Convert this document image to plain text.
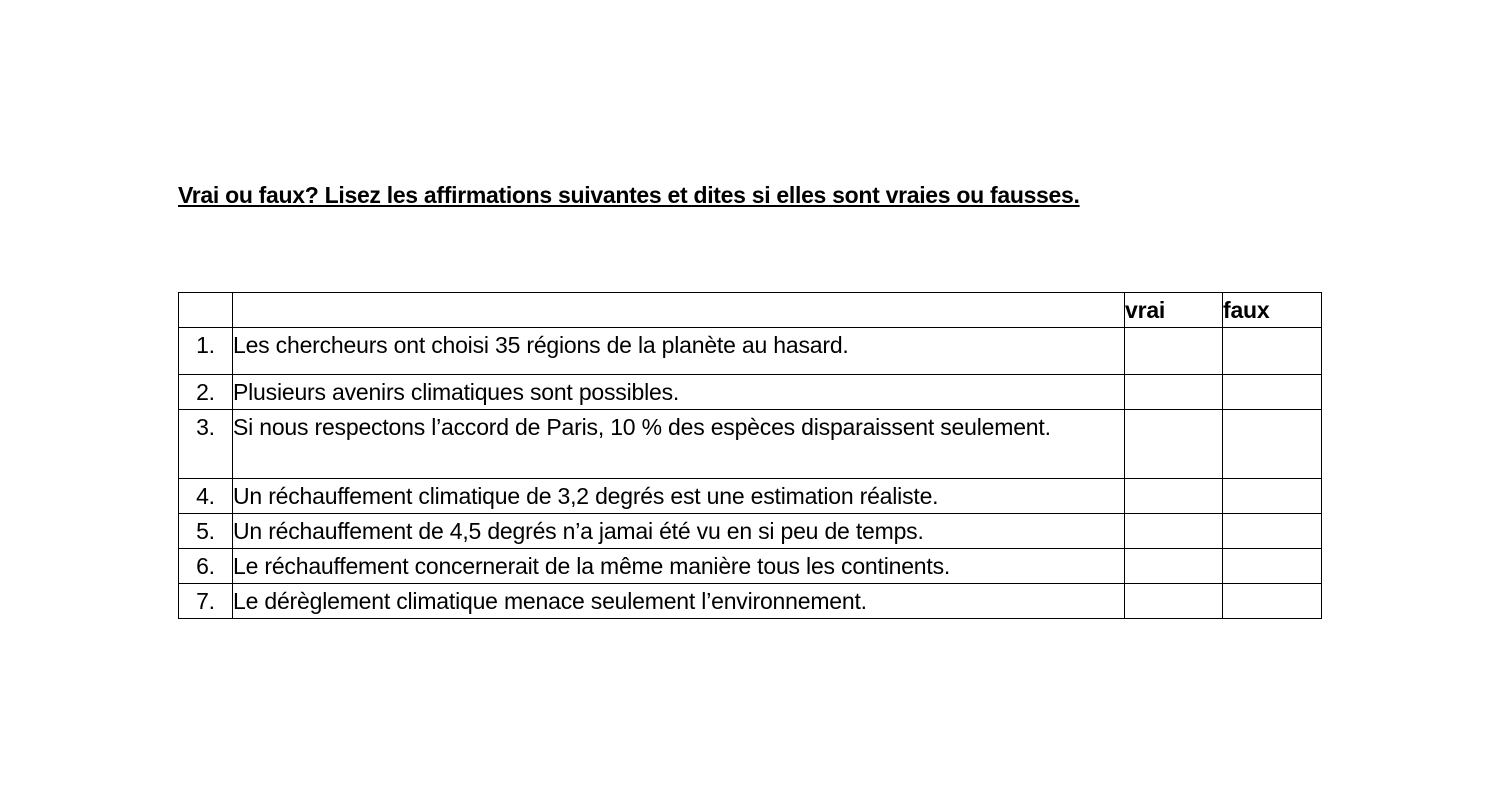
Vrai ou faux? Lisez les affirmations suivantes et dites si elles sont vraies ou fausses.
		vrai	faux
1.	Les chercheurs ont choisi 35 régions de la planète au hasard.		
2.	Plusieurs avenirs climatiques sont possibles.		
3.	Si nous respectons l’accord de Paris, 10 % des espèces disparaissent seulement.		
4.	Un réchauffement climatique de 3,2 degrés est une estimation réaliste.		
5.	Un réchauffement de 4,5 degrés n’a jamai été vu en si peu de temps.		
6.	Le réchauffement concernerait de la même manière tous les continents.		
7.	Le dérèglement climatique menace seulement l’environnement.		
